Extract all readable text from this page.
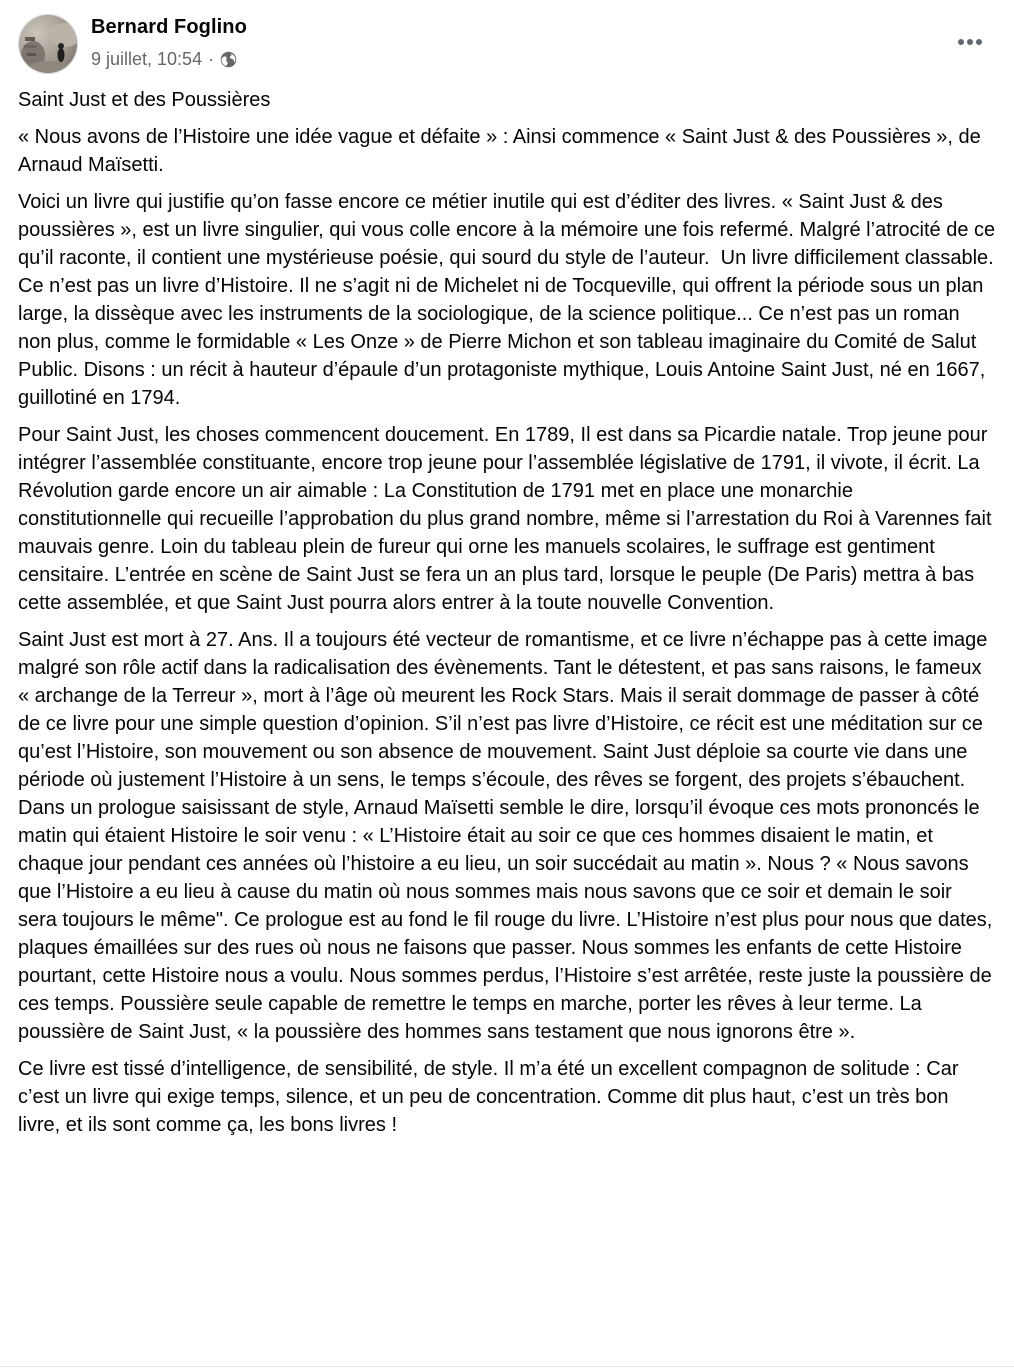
Bernard Foglino
9 juillet, 10:54 ·

Saint Just et des Poussières

« Nous avons de l’Histoire une idée vague et défaite » : Ainsi commence « Saint Just & des Poussières », de Arnaud Maïsetti.

Voici un livre qui justifie qu’on fasse encore ce métier inutile qui est d’éditer des livres. « Saint Just & des poussières », est un livre singulier, qui vous colle encore à la mémoire une fois refermé. Malgré l’atrocité de ce qu’il raconte, il contient une mystérieuse poésie, qui sourd du style de l’auteur.  Un livre difficilement classable. Ce n’est pas un livre d’Histoire. Il ne s’agit ni de Michelet ni de Tocqueville, qui offrent la période sous un plan large, la dissèque avec les instruments de la sociologique, de la science politique... Ce n’est pas un roman non plus, comme le formidable « Les Onze » de Pierre Michon et son tableau imaginaire du Comité de Salut Public. Disons : un récit à hauteur d’épaule d’un protagoniste mythique, Louis Antoine Saint Just, né en 1667, guillotiné en 1794.

Pour Saint Just, les choses commencent doucement. En 1789, Il est dans sa Picardie natale. Trop jeune pour intégrer l’assemblée constituante, encore trop jeune pour l’assemblée législative de 1791, il vivote, il écrit. La Révolution garde encore un air aimable : La Constitution de 1791 met en place une monarchie constitutionnelle qui recueille l’approbation du plus grand nombre, même si l’arrestation du Roi à Varennes fait mauvais genre. Loin du tableau plein de fureur qui orne les manuels scolaires, le suffrage est gentiment censitaire. L’entrée en scène de Saint Just se fera un an plus tard, lorsque le peuple (De Paris) mettra à bas cette assemblée, et que Saint Just pourra alors entrer à la toute nouvelle Convention.

Saint Just est mort à 27. Ans. Il a toujours été vecteur de romantisme, et ce livre n’échappe pas à cette image malgré son rôle actif dans la radicalisation des évènements. Tant le détestent, et pas sans raisons, le fameux « archange de la Terreur », mort à l’âge où meurent les Rock Stars. Mais il serait dommage de passer à côté de ce livre pour une simple question d’opinion. S’il n’est pas livre d’Histoire, ce récit est une méditation sur ce qu’est l’Histoire, son mouvement ou son absence de mouvement. Saint Just déploie sa courte vie dans une période où justement l’Histoire à un sens, le temps s’écoule, des rêves se forgent, des projets s’ébauchent. Dans un prologue saisissant de style, Arnaud Maïsetti semble le dire, lorsqu’il évoque ces mots prononcés le matin qui étaient Histoire le soir venu : « L’Histoire était au soir ce que ces hommes disaient le matin, et chaque jour pendant ces années où l’histoire a eu lieu, un soir succédait au matin ». Nous ? « Nous savons que l’Histoire a eu lieu à cause du matin où nous sommes mais nous savons que ce soir et demain le soir sera toujours le même". Ce prologue est au fond le fil rouge du livre. L’Histoire n’est plus pour nous que dates, plaques émaillées sur des rues où nous ne faisons que passer. Nous sommes les enfants de cette Histoire pourtant, cette Histoire nous a voulu. Nous sommes perdus, l’Histoire s’est arrêtée, reste juste la poussière de ces temps. Poussière seule capable de remettre le temps en marche, porter les rêves à leur terme. La poussière de Saint Just, « la poussière des hommes sans testament que nous ignorons être ».

Ce livre est tissé d’intelligence, de sensibilité, de style. Il m’a été un excellent compagnon de solitude : Car c’est un livre qui exige temps, silence, et un peu de concentration. Comme dit plus haut, c’est un très bon livre, et ils sont comme ça, les bons livres !
